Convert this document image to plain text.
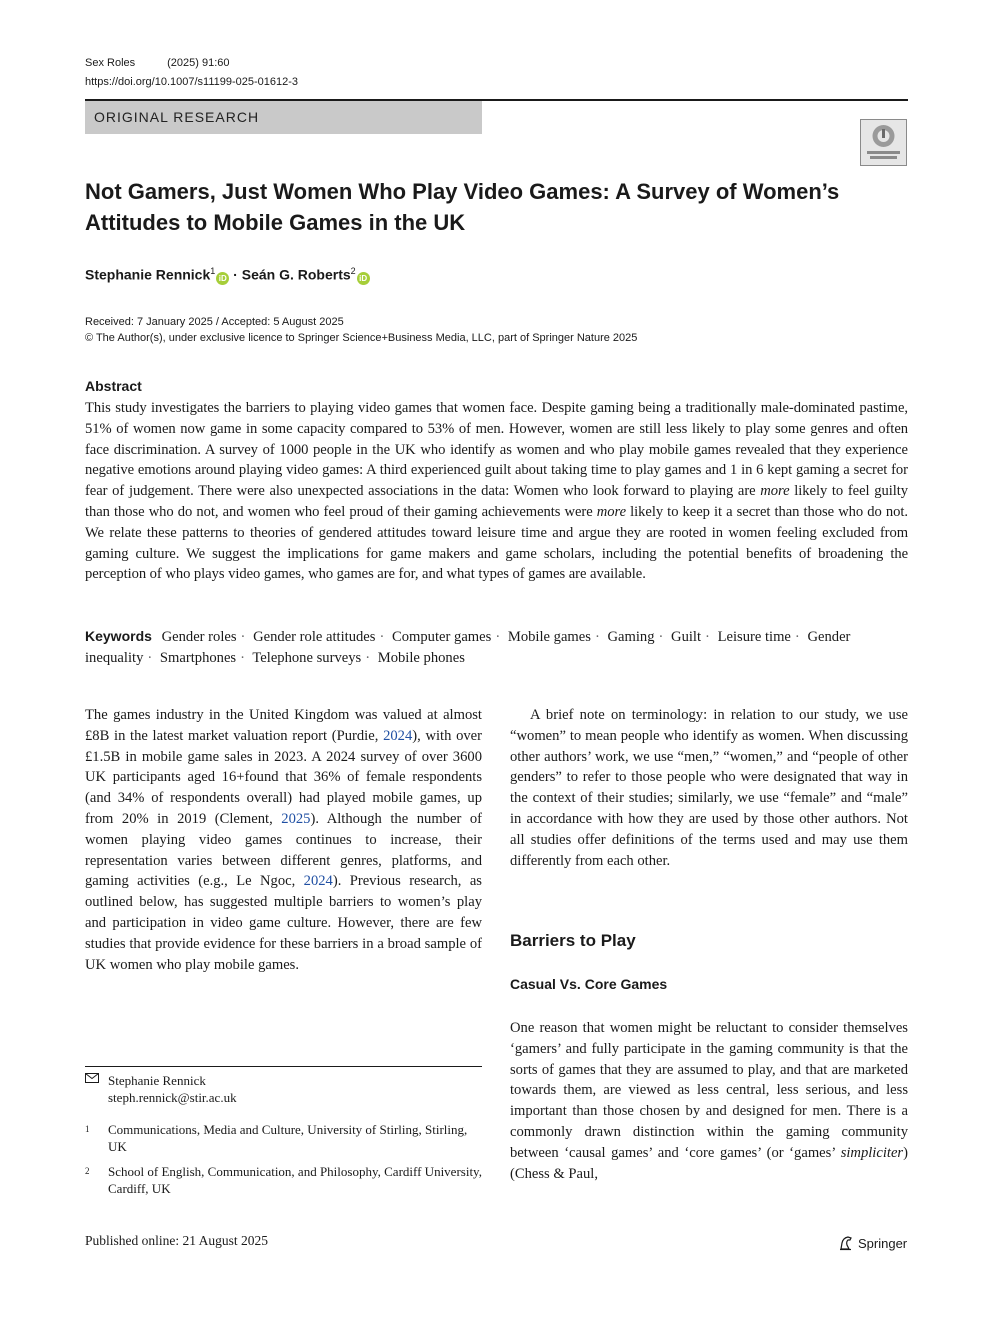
Sex Roles	(2025) 91:60
https://doi.org/10.1007/s11199-025-01612-3
ORIGINAL RESEARCH
Not Gamers, Just Women Who Play Video Games: A Survey of Women’s Attitudes to Mobile Games in the UK
Stephanie Rennick$^1$iD · Seán G. Roberts$^2$iD
Received: 7 January 2025 / Accepted: 5 August 2025
© The Author(s), under exclusive licence to Springer Science+Business Media, LLC, part of Springer Nature 2025
Abstract

This study investigates the barriers to playing video games that women face. Despite gaming being a traditionally male-dominated pastime, 51% of women now game in some capacity compared to 53% of men. However, women are still less likely to play some genres and often face discrimination. A survey of 1000 people in the UK who identify as women and who play mobile games revealed that they experience negative emotions around playing video games: A third experienced guilt about taking time to play games and 1 in 6 kept gaming a secret for fear of judgement. There were also unexpected associations in the data: Women who look forward to playing are more likely to feel guilty than those who do not, and women who feel proud of their gaming achievements were more likely to keep it a secret than those who do not. We relate these patterns to theories of gendered attitudes toward leisure time and argue they are rooted in women feeling excluded from gaming culture. We suggest the implications for game makers and game scholars, including the potential benefits of broadening the perception of who plays video games, who games are for, and what types of games are available.

Keywords Gender roles · Gender role attitudes · Computer games · Mobile games · Gaming · Guilt · Leisure time · Gender inequality · Smartphones · Telephone surveys · Mobile phones

The games industry in the United Kingdom was valued at almost £8B in the latest market valuation report (Purdie, 2024), with over £1.5B in mobile game sales in 2023. A 2024 survey of over 3600 UK participants aged 16+found that 36% of female respondents (and 34% of respondents overall) had played mobile games, up from 20% in 2019 (Clement, 2025). Although the number of women playing video games continues to increase, their representation varies between different genres, platforms, and gaming activities (e.g., Le Ngoc, 2024). Previous research, as outlined below, has suggested multiple barriers to women’s play and participation in video game culture. However, there are few studies that provide evidence for these barriers in a broad sample of UK women who play mobile games.

A brief note on terminology: in relation to our study, we use “women” to mean people who identify as women. When discussing other authors’ work, we use “men,” “women,” and “people of other genders” to refer to those people who were designated that way in the context of their studies; similarly, we use “female” and “male” in accordance with how they are used by those other authors. Not all studies offer definitions of the terms used and may use them differently from each other.

Barriers to Play
Casual Vs. Core Games

One reason that women might be reluctant to consider themselves ‘gamers’ and fully participate in the gaming community is that the sorts of games that they are assumed to play, and that are marketed towards them, are viewed as less central, less serious, and less important than those chosen by and designed for men. There is a commonly drawn distinction within the gaming community between ‘causal games’ and ‘core games’ (or ‘games’ simpliciter) (Chess & Paul,

Stephanie Rennick
steph.rennick@stir.ac.uk
1	Communications, Media and Culture, University of Stirling, Stirling, UK
2	School of English, Communication, and Philosophy, Cardiff University, Cardiff, UK
Published online: 21 August 2025	Springer
